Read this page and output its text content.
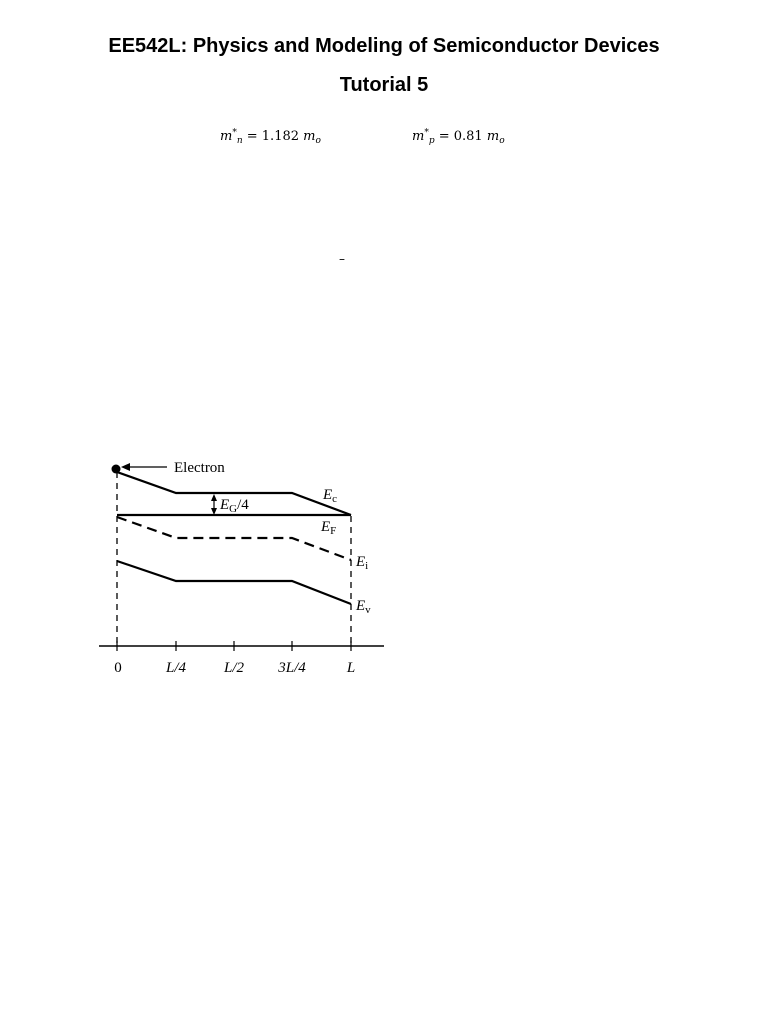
EE542L: Physics and Modeling of Semiconductor Devices
Tutorial 5
$m^*_n = 1.182$ $m_o$	$m^*_p = 0.81$ $m_o$
–
Electron
EG/4
Ec
EF
Ei
Ev
0	L/4	L/2 3L/4	L
